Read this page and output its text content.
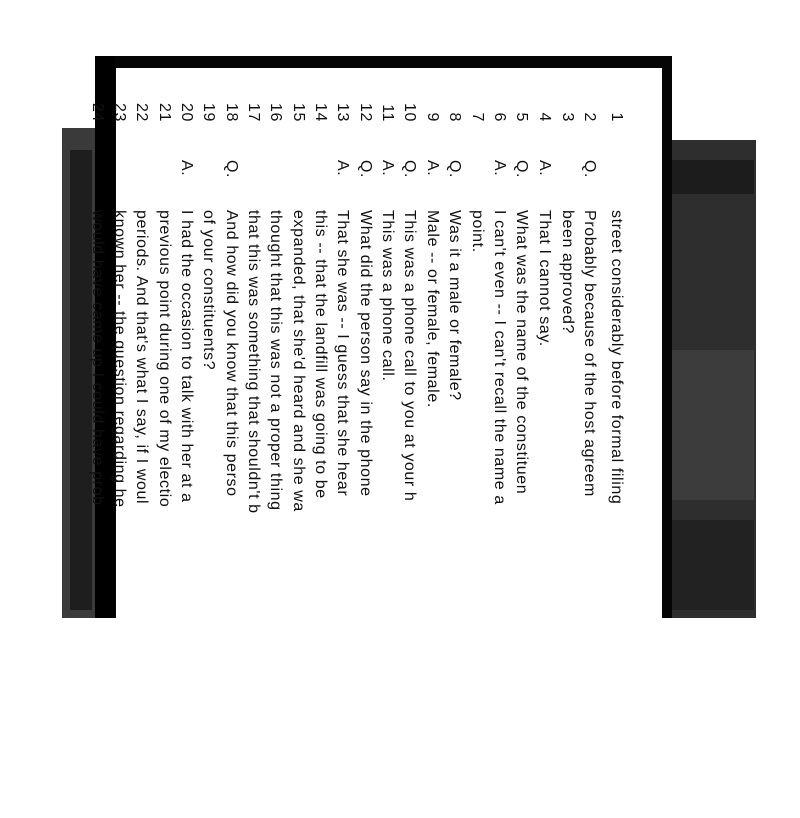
1
street considerably before formal filing
2
Q.
Probably because of the host agreem
3
been approved?
4
A.
That I cannot say.
5
Q.
What was the name of the constituen
6
A.
I can't even -- I can't recall the name a
7
point.
8
Q.
Was it a male or female?
9
A.
Male -- or female, female.
10
Q.
This was a phone call to you at your h
11
A.
This was a phone call.
12
Q.
What did the person say in the phone
13
A.
That she was -- I guess that she hear
14
this -- that the landfill was going to be
15
expanded, that she'd heard and she wa
16
thought that this was not a proper thing
17
that this was something that shouldn't b
18
Q.
And how did you know that this perso
19
of your constituents?
20
A.
I had the occasion to talk with her at a
21
previous point during one of my electio
22
periods. And that's what I say, if I woul
23
known her -- the question regarding he
24
would have came up I could have prob
